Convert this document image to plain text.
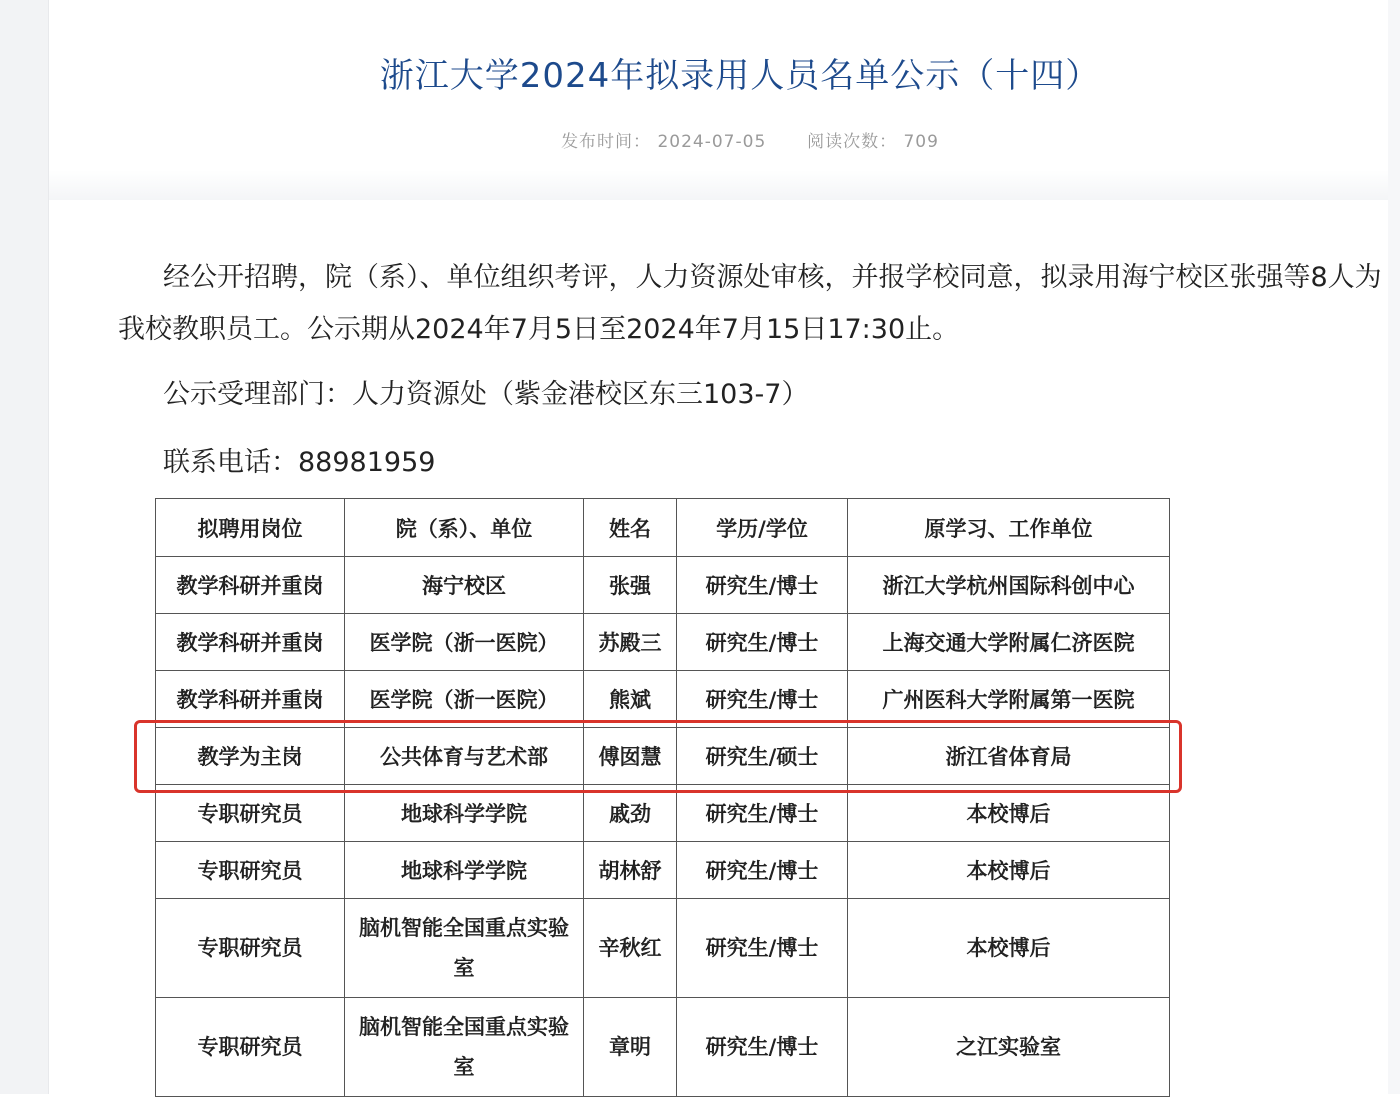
浙江大学2024年拟录用人员名单公示（十四）
发布时间： 2024-07-05 阅读次数： 709
经公开招聘，院（系）、单位组织考评，人力资源处审核，并报学校同意，拟录用海宁校区张强等8人为我校教职员工。公示期从2024年7月5日至2024年7月15日17:30止。
公示受理部门：人力资源处（紫金港校区东三103-7）
联系电话：88981959
拟聘用岗位	院（系）、单位	姓名	学历/学位	原学习、工作单位
教学科研并重岗	海宁校区	张强	研究生/博士	浙江大学杭州国际科创中心
教学科研并重岗	医学院（浙一医院）	苏殿三	研究生/博士	上海交通大学附属仁济医院
教学科研并重岗	医学院（浙一医院）	熊斌	研究生/博士	广州医科大学附属第一医院
教学为主岗	公共体育与艺术部	傅囡慧	研究生/硕士	浙江省体育局
专职研究员	地球科学学院	戚劲	研究生/博士	本校博后
专职研究员	地球科学学院	胡林舒	研究生/博士	本校博后
专职研究员	脑机智能全国重点实验室	辛秋红	研究生/博士	本校博后
专职研究员	脑机智能全国重点实验室	章明	研究生/博士	之江实验室
